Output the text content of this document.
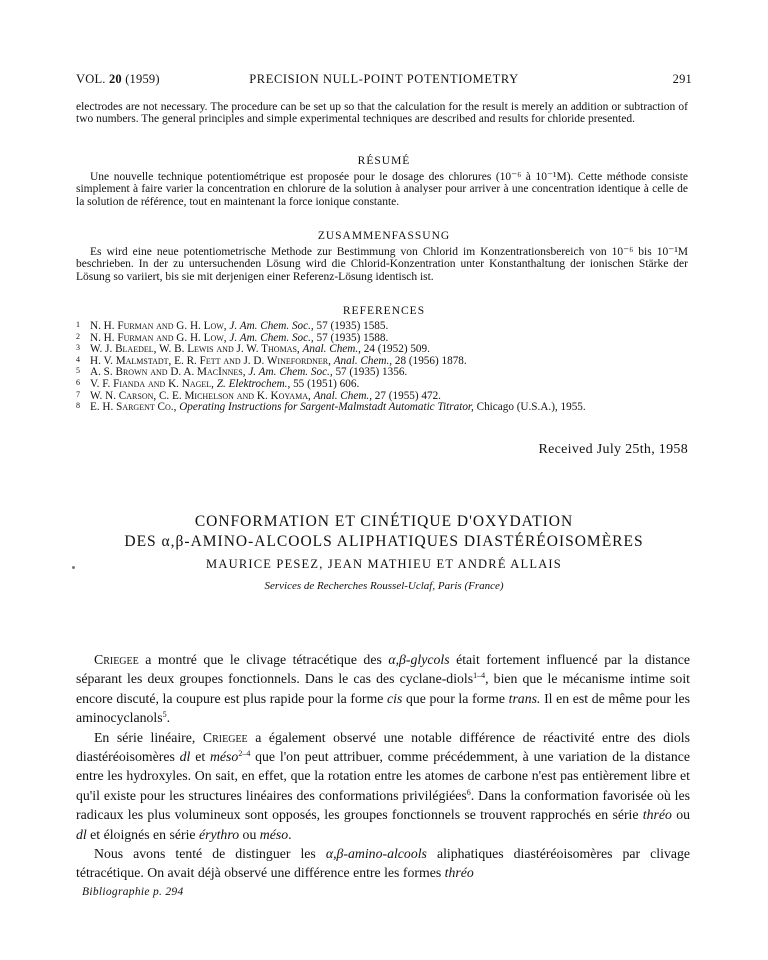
VOL. 20 (1959)	PRECISION NULL-POINT POTENTIOMETRY	291
electrodes are not necessary. The procedure can be set up so that the calculation for the result is merely an addition or subtraction of two numbers. The general principles and simple experimental techniques are described and results for chloride presented.
RÉSUMÉ
Une nouvelle technique potentiométrique est proposée pour le dosage des chlorures (10⁻⁶ à 10⁻¹M). Cette méthode consiste simplement à faire varier la concentration en chlorure de la solution à analyser pour arriver à une concentration identique à celle de la solution de référence, tout en maintenant la force ionique constante.
ZUSAMMENFASSUNG
Es wird eine neue potentiometrische Methode zur Bestimmung von Chlorid im Konzentrationsbereich von 10⁻⁶ bis 10⁻¹M beschrieben. In der zu untersuchenden Lösung wird die Chlorid-Konzentration unter Konstanthaltung der ionischen Stärke der Lösung so variiert, bis sie mit derjenigen einer Referenz-Lösung identisch ist.
REFERENCES
1 N. H. Furman and G. H. Low, J. Am. Chem. Soc., 57 (1935) 1585.
2 N. H. Furman and G. H. Low, J. Am. Chem. Soc., 57 (1935) 1588.
3 W. J. Blaedel, W. B. Lewis and J. W. Thomas, Anal. Chem., 24 (1952) 509.
4 H. V. Malmstadt, E. R. Fett and J. D. Winefordner, Anal. Chem., 28 (1956) 1878.
5 A. S. Brown and D. A. MacInnes, J. Am. Chem. Soc., 57 (1935) 1356.
6 V. F. Fianda and K. Nagel, Z. Elektrochem., 55 (1951) 606.
7 W. N. Carson, C. E. Michelson and K. Koyama, Anal. Chem., 27 (1955) 472.
8 E. H. Sargent Co., Operating Instructions for Sargent-Malmstadt Automatic Titrator, Chicago (U.S.A.), 1955.
Received July 25th, 1958
CONFORMATION ET CINÉTIQUE D'OXYDATION
DES α,β-AMINO-ALCOOLS ALIPHATIQUES DIASTÉRÉOISOMÈRES
MAURICE PESEZ, JEAN MATHIEU ET ANDRÉ ALLAIS
Services de Recherches Roussel-Uclaf, Paris (France)

Criegee a montré que le clivage tétracétique des α,β-glycols était fortement influencé par la distance séparant les deux groupes fonctionnels. Dans le cas des cyclane-diols$^{1-4}$, bien que le mécanisme intime soit encore discuté, la coupure est plus rapide pour la forme cis que pour la forme trans. Il en est de même pour les aminocyclanols$^5$.

En série linéaire, Criegee a également observé une notable différence de réactivité entre des diols diastéréoisomères dl et méso$^{2-4}$ que l'on peut attribuer, comme précédemment, à une variation de la distance entre les hydroxyles. On sait, en effet, que la rotation entre les atomes de carbone n'est pas entièrement libre et qu'il existe pour les structures linéaires des conformations privilégiées$^6$. Dans la conformation favorisée où les radicaux les plus volumineux sont opposés, les groupes fonctionnels se trouvent rapprochés en série thréo ou dl et éloignés en série érythro ou méso.

Nous avons tenté de distinguer les α,β-amino-alcools aliphatiques diastéréoisomères par clivage tétracétique. On avait déjà observé une différence entre les formes thréo

Bibliographie p. 294
